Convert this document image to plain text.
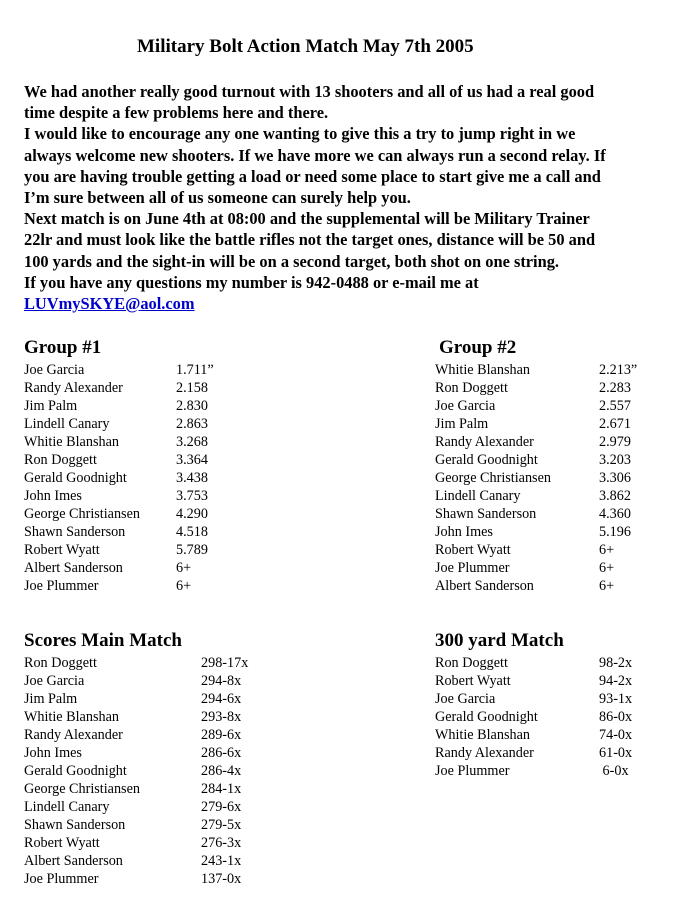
Military Bolt Action Match May 7th 2005

We had another really good turnout with 13 shooters and all of us had a real good

time despite a few problems here and there.

I would like to encourage any one wanting to give this a try to jump right in we

always welcome new shooters. If we have more we can always run a second relay. If

you are having trouble getting a load or need some place to start give me a call and

I’m sure between all of us someone can surely help you.

Next match is on June 4th at 08:00 and the supplemental will be Military Trainer

22lr and must look like the battle rifles not the target ones, distance will be 50 and

100 yards and the sight-in will be on a second target, both shot on one string.

If you have any questions my number is 942-0488 or e-mail me at

LUVmySKYE@aol.com

Group #1
Joe Garcia	1.711”
Randy Alexander	2.158
Jim Palm	2.830
Lindell Canary	2.863
Whitie Blanshan	3.268
Ron Doggett	3.364
Gerald Goodnight	3.438
John Imes	3.753
George Christiansen	4.290
Shawn Sanderson	4.518
Robert Wyatt	5.789
Albert Sanderson	6+
Joe Plummer	6+
Group #2
Whitie Blanshan	2.213”
Ron Doggett	2.283
Joe Garcia	2.557
Jim Palm	2.671
Randy Alexander	2.979
Gerald Goodnight	3.203
George Christiansen	3.306
Lindell Canary	3.862
Shawn Sanderson	4.360
John Imes	5.196
Robert Wyatt	6+
Joe Plummer	6+
Albert Sanderson	6+
Scores Main Match
Ron Doggett	298-17x
Joe Garcia	294-8x
Jim Palm	294-6x
Whitie Blanshan	293-8x
Randy Alexander	289-6x
John Imes	286-6x
Gerald Goodnight	286-4x
George Christiansen	284-1x
Lindell Canary	279-6x
Shawn Sanderson	279-5x
Robert Wyatt	276-3x
Albert Sanderson	243-1x
Joe Plummer	137-0x
300 yard Match
Ron Doggett	98-2x
Robert Wyatt	94-2x
Joe Garcia	93-1x
Gerald Goodnight	86-0x
Whitie Blanshan	74-0x
Randy Alexander	61-0x
Joe Plummer	6-0x
